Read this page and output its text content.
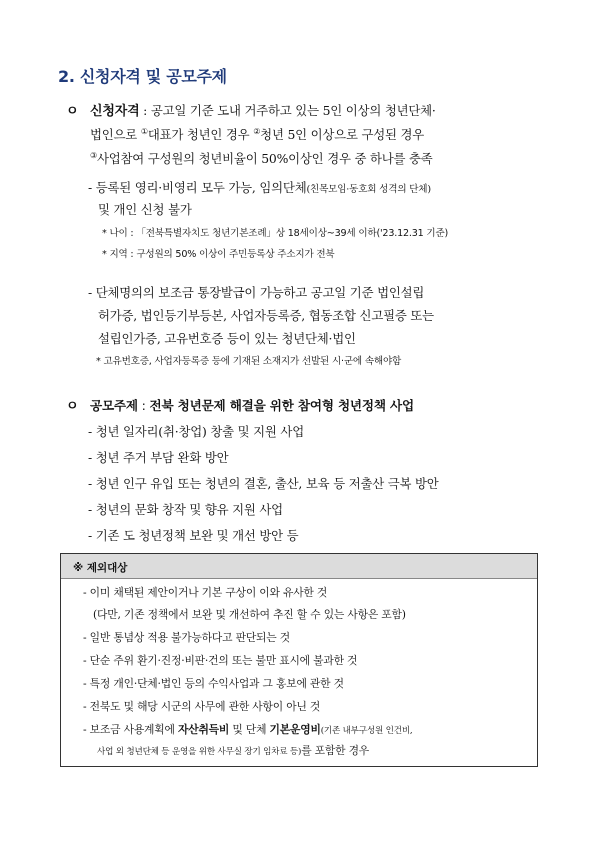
2. 신청자격 및 공모주제
ㅇ 신청자격 : 공고일 기준 도내 거주하고 있는 5인 이상의 청년단체·
법인으로 ①대표가 청년인 경우 ②청년 5인 이상으로 구성된 경우
③사업참여 구성원의 청년비율이 50%이상인 경우 중 하나를 충족
- 등록된 영리·비영리 모두 가능, 임의단체(친목모임·동호회 성격의 단체)
및 개인 신청 불가
* 나이 : 「전북특별자치도 청년기본조례」상 18세이상~39세 이하('23.12.31 기준)
* 지역 : 구성원의 50% 이상이 주민등록상 주소지가 전북
- 단체명의의 보조금 통장발급이 가능하고 공고일 기준 법인설립
허가증, 법인등기부등본, 사업자등록증, 협동조합 신고필증 또는
설립인가증, 고유번호증 등이 있는 청년단체·법인
* 고유번호증, 사업자등록증 등에 기재된 소재지가 선발된 시·군에 속해야함
ㅇ 공모주제 : 전북 청년문제 해결을 위한 참여형 청년정책 사업
- 청년 일자리(취·창업) 창출 및 지원 사업
- 청년 주거 부담 완화 방안
- 청년 인구 유입 또는 청년의 결혼, 출산, 보육 등 저출산 극복 방안
- 청년의 문화 창작 및 향유 지원 사업
- 기존 도 청년정책 보완 및 개선 방안 등
※ 제외대상
- 이미 채택된 제안이거나 기본 구상이 이와 유사한 것
(다만, 기존 정책에서 보완 및 개선하여 추진 할 수 있는 사항은 포함)
- 일반 통념상 적용 불가능하다고 판단되는 것
- 단순 주위 환기·진정·비판·건의 또는 불만 표시에 불과한 것
- 특정 개인·단체·법인 등의 수익사업과 그 홍보에 관한 것
- 전북도 및 해당 시군의 사무에 관한 사항이 아닌 것
- 보조금 사용계획에 자산취득비 및 단체 기본운영비(기존 내부구성원 인건비,
사업 외 청년단체 등 운영을 위한 사무실 장기 임차료 등)를 포함한 경우
